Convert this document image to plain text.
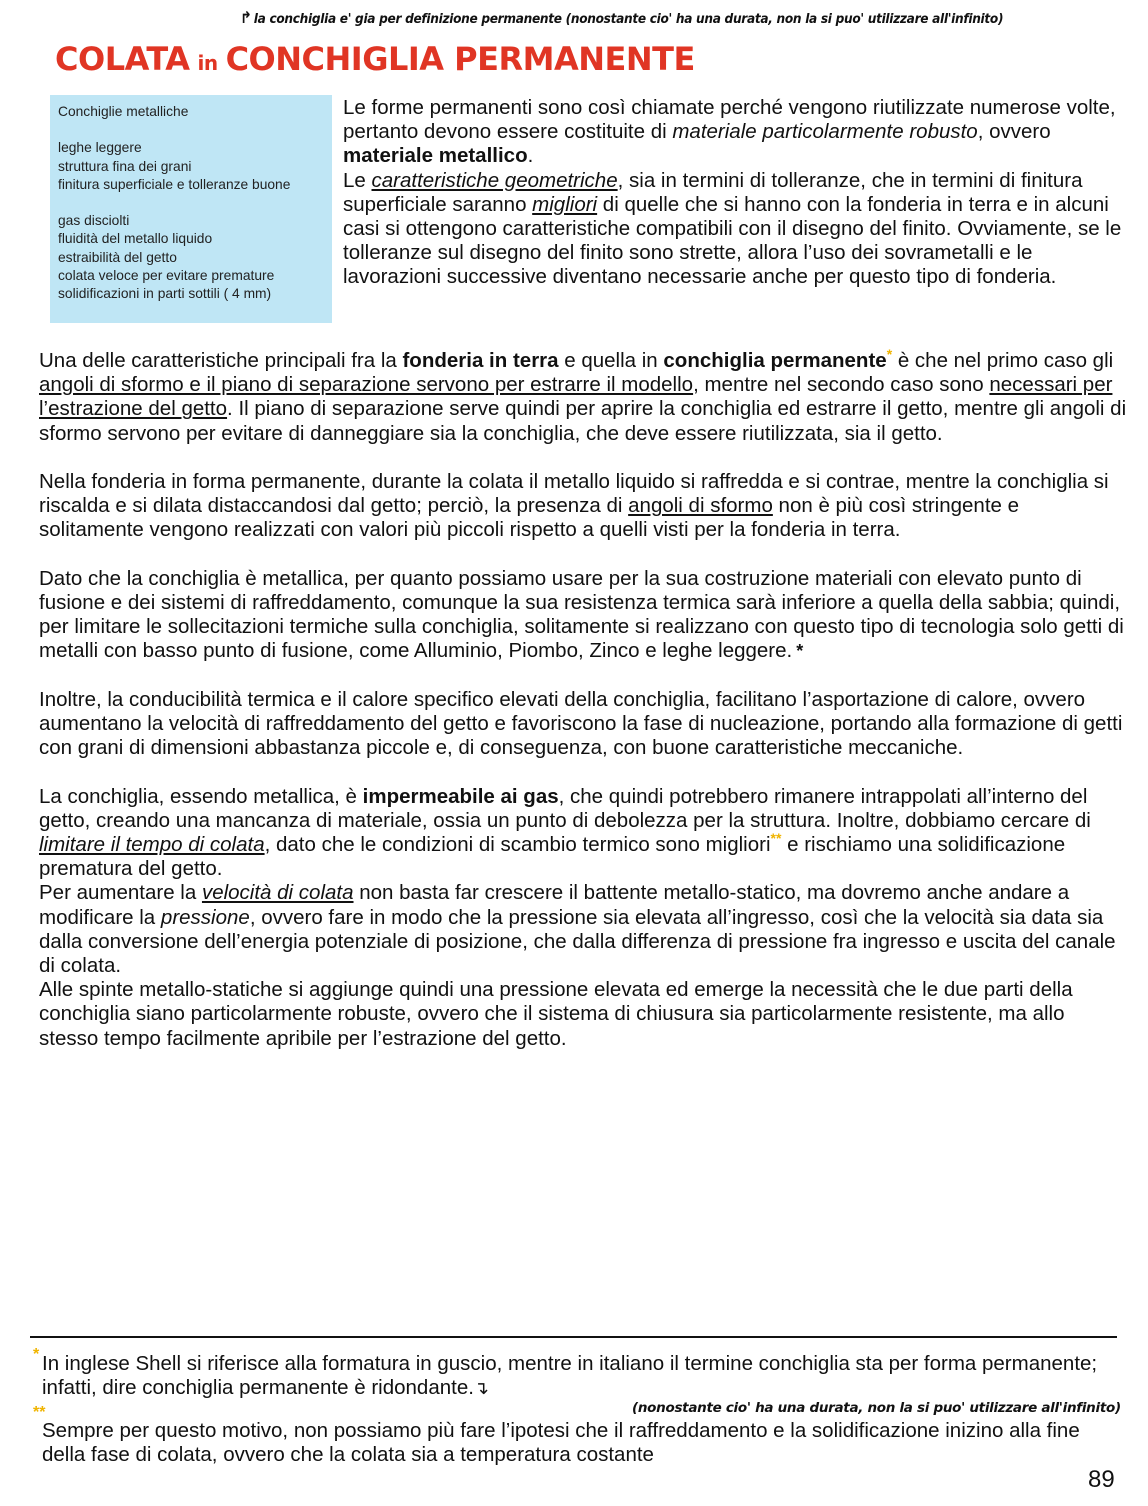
↱ la conchiglia e' gia per definizione permanente (nonostante cio' ha una durata, non la si puo' utilizzare all'infinito)
COLATA in CONCHIGLIA PERMANENTE
Conchiglie metalliche
leghe leggere
struttura fina dei grani
finitura superficiale e tolleranze buone
gas disciolti
fluidità del metallo liquido
estraibilità del getto
colata veloce per evitare premature
solidificazioni in parti sottili ( 4 mm)

Le forme permanenti sono così chiamate perché vengono riutilizzate numerose volte, pertanto devono essere costituite di materiale particolarmente robusto, ovvero materiale metallico.
Le caratteristiche geometriche, sia in termini di tolleranze, che in termini di finitura superficiale saranno migliori di quelle che si hanno con la fonderia in terra e in alcuni casi si ottengono caratteristiche compatibili con il disegno del finito. Ovviamente, se le tolleranze sul disegno del finito sono strette, allora l’uso dei sovrametalli e le lavorazioni successive diventano necessarie anche per questo tipo di fonderia.

Una delle caratteristiche principali fra la fonderia in terra e quella in conchiglia permanente* è che nel primo caso gli angoli di sformo e il piano di separazione servono per estrarre il modello, mentre nel secondo caso sono necessari per l’estrazione del getto. Il piano di separazione serve quindi per aprire la conchiglia ed estrarre il getto, mentre gli angoli di sformo servono per evitare di danneggiare sia la conchiglia, che deve essere riutilizzata, sia il getto.

Nella fonderia in forma permanente, durante la colata il metallo liquido si raffredda e si contrae, mentre la conchiglia si riscalda e si dilata distaccandosi dal getto; perciò, la presenza di angoli di sformo non è più così stringente e solitamente vengono realizzati con valori più piccoli rispetto a quelli visti per la fonderia in terra.

Dato che la conchiglia è metallica, per quanto possiamo usare per la sua costruzione materiali con elevato punto di fusione e dei sistemi di raffreddamento, comunque la sua resistenza termica sarà inferiore a quella della sabbia; quindi, per limitare le sollecitazioni termiche sulla conchiglia, solitamente si realizzano con questo tipo di tecnologia solo getti di metalli con basso punto di fusione, come Alluminio, Piombo, Zinco e leghe leggere. *

Inoltre, la conducibilità termica e il calore specifico elevati della conchiglia, facilitano l’asportazione di calore, ovvero aumentano la velocità di raffreddamento del getto e favoriscono la fase di nucleazione, portando alla formazione di getti con grani di dimensioni abbastanza piccole e, di conseguenza, con buone caratteristiche meccaniche.

La conchiglia, essendo metallica, è impermeabile ai gas, che quindi potrebbero rimanere intrappolati all’interno del getto, creando una mancanza di materiale, ossia un punto di debolezza per la struttura. Inoltre, dobbiamo cercare di limitare il tempo di colata, dato che le condizioni di scambio termico sono migliori** e rischiamo una solidificazione prematura del getto.

Per aumentare la velocità di colata non basta far crescere il battente metallo-statico, ma dovremo anche andare a modificare la pressione, ovvero fare in modo che la pressione sia elevata all’ingresso, così che la velocità sia data sia dalla conversione dell’energia potenziale di posizione, che dalla differenza di pressione fra ingresso e uscita del canale di colata.

Alle spinte metallo-statiche si aggiunge quindi una pressione elevata ed emerge la necessità che le due parti della conchiglia siano particolarmente robuste, ovvero che il sistema di chiusura sia particolarmente resistente, ma allo stesso tempo facilmente apribile per l’estrazione del getto.

* In inglese Shell si riferisce alla formatura in guscio, mentre in italiano il termine conchiglia sta per forma permanente; infatti, dire conchiglia permanente è ridondante.↴

(nonostante cio' ha una durata, non la si puo' utilizzare all'infinito)
**

Sempre per questo motivo, non possiamo più fare l’ipotesi che il raffreddamento e la solidificazione inizino alla fine della fase di colata, ovvero che la colata sia a temperatura costante

89
